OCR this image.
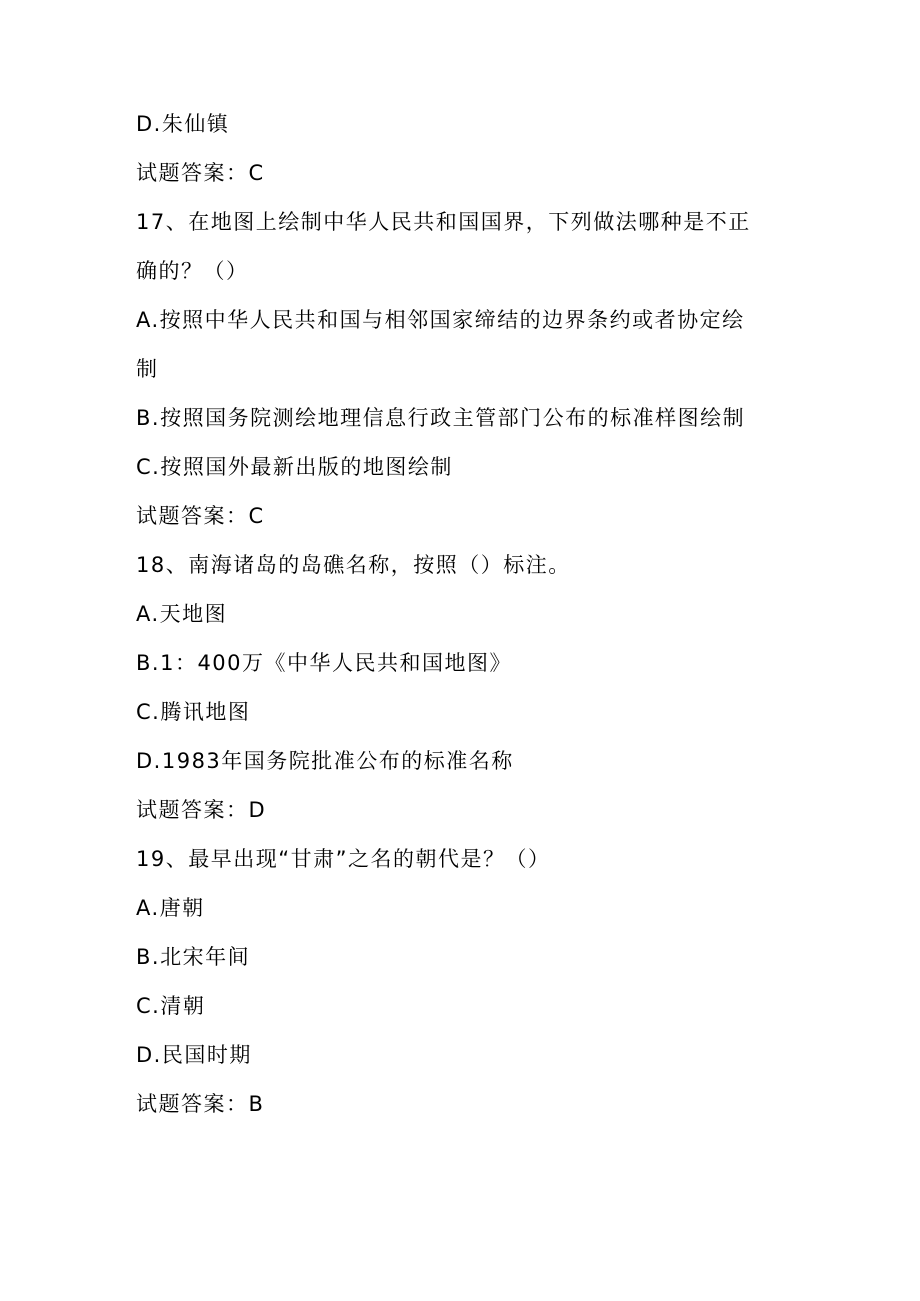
D.朱仙镇
试题答案：C
17、在地图上绘制中华人民共和国国界，下列做法哪种是不正
确的？（）
A.按照中华人民共和国与相邻国家缔结的边界条约或者协定绘
制
B.按照国务院测绘地理信息行政主管部门公布的标准样图绘制
C.按照国外最新出版的地图绘制
试题答案：C
18、南海诸岛的岛礁名称，按照（）标注。
A.天地图
B.1：400万《中华人民共和国地图》
C.腾讯地图
D.1983年国务院批准公布的标准名称
试题答案：D
19、最早出现“甘肃”之名的朝代是？（）
A.唐朝
B.北宋年间
C.清朝
D.民国时期
试题答案：B
